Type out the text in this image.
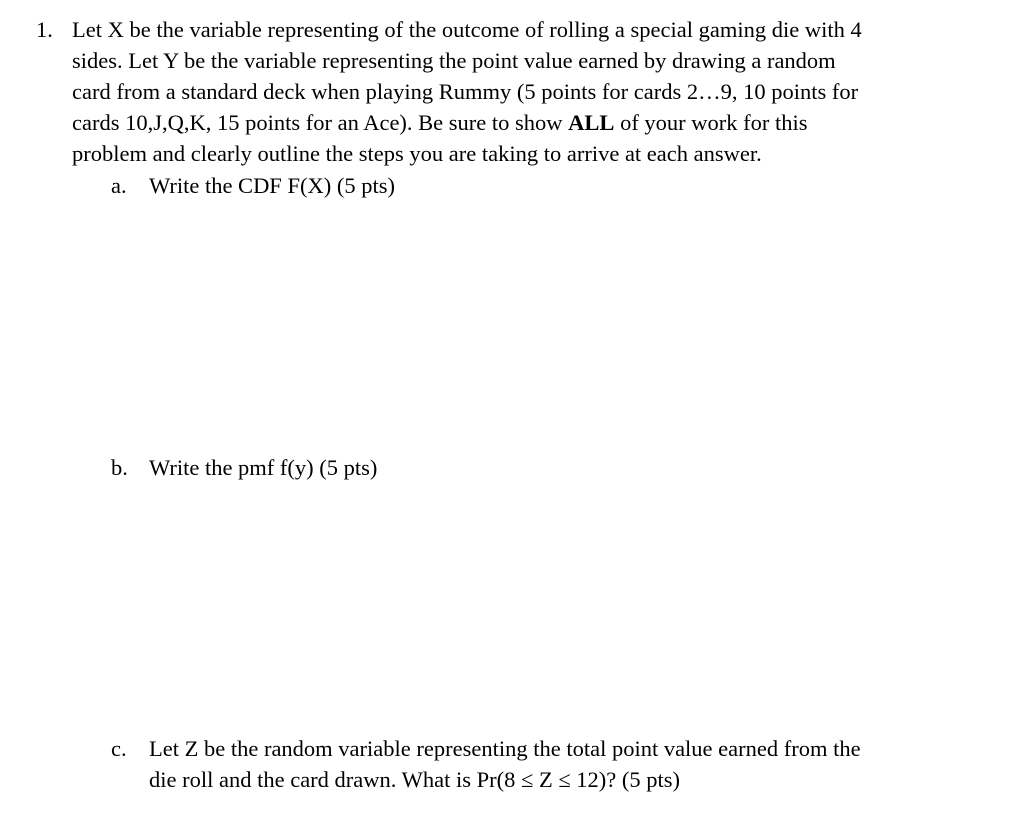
1. Let X be the variable representing of the outcome of rolling a special gaming die with 4
sides. Let Y be the variable representing the point value earned by drawing a random
card from a standard deck when playing Rummy (5 points for cards 2…9, 10 points for
cards 10,J,Q,K, 15 points for an Ace). Be sure to show ALL of your work for this
problem and clearly outline the steps you are taking to arrive at each answer.
a. Write the CDF F(X) (5 pts)
b. Write the pmf f(y) (5 pts)
c. Let Z be the random variable representing the total point value earned from the
die roll and the card drawn. What is Pr(8 ≤ Z ≤ 12)? (5 pts)
